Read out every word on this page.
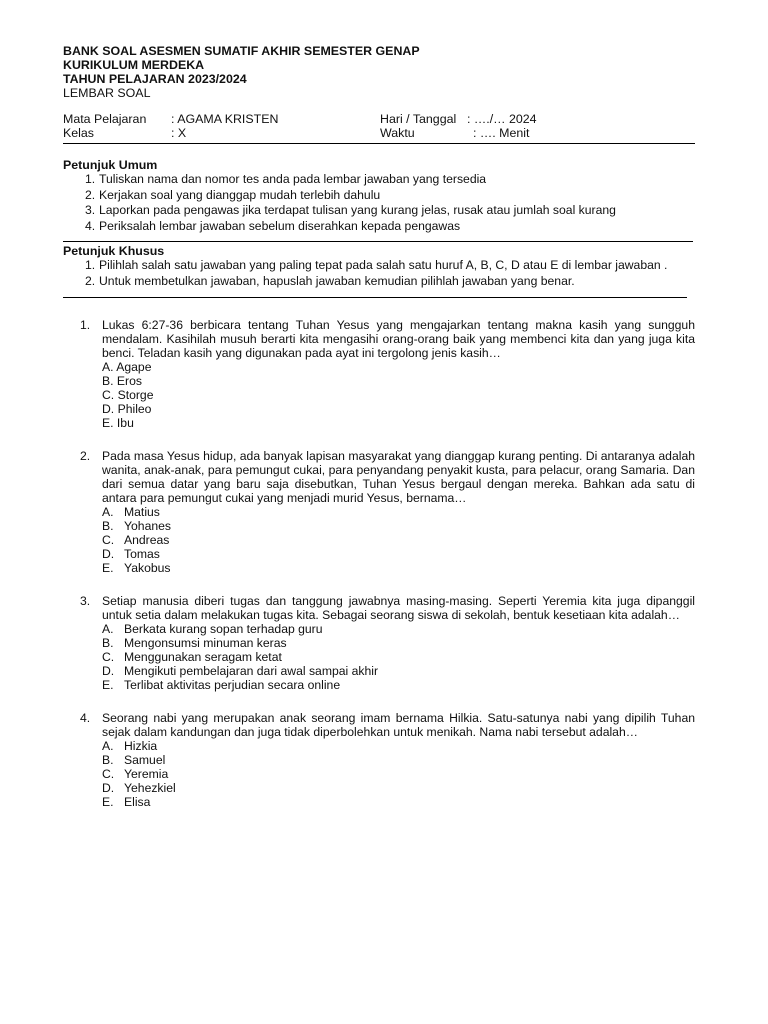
BANK SOAL ASESMEN SUMATIF AKHIR SEMESTER GENAP
KURIKULUM MERDEKA
TAHUN PELAJARAN 2023/2024
LEMBAR SOAL
Mata Pelajaran : AGAMA KRISTEN	Hari / Tanggal : …./… 2024
Kelas	: X	Waktu	: …. Menit
Petunjuk Umum
1. Tuliskan nama dan nomor tes anda pada lembar jawaban yang tersedia
2. Kerjakan soal yang dianggap mudah terlebih dahulu
3. Laporkan pada pengawas jika terdapat tulisan yang kurang jelas, rusak atau jumlah soal kurang
4. Periksalah lembar jawaban sebelum diserahkan kepada pengawas
Petunjuk Khusus
1. Pilihlah salah satu jawaban yang paling tepat pada salah satu huruf A, B, C, D atau E di lembar jawaban .
2. Untuk membetulkan jawaban, hapuslah jawaban kemudian pilihlah jawaban yang benar.
1. Lukas 6:27-36 berbicara tentang Tuhan Yesus yang mengajarkan tentang makna kasih yang sungguh mendalam. Kasihilah musuh berarti kita mengasihi orang-orang baik yang membenci kita dan yang juga kita benci. Teladan kasih yang digunakan pada ayat ini tergolong jenis kasih…
A. Agape
B. Eros
C. Storge
D. Phileo
E. Ibu
2. Pada masa Yesus hidup, ada banyak lapisan masyarakat yang dianggap kurang penting. Di antaranya adalah wanita, anak-anak, para pemungut cukai, para penyandang penyakit kusta, para pelacur, orang Samaria. Dan dari semua datar yang baru saja disebutkan, Tuhan Yesus bergaul dengan mereka. Bahkan ada satu di antara para pemungut cukai yang menjadi murid Yesus, bernama…
A. Matius
B. Yohanes
C. Andreas
D. Tomas
E. Yakobus
3. Setiap manusia diberi tugas dan tanggung jawabnya masing-masing. Seperti Yeremia kita juga dipanggil untuk setia dalam melakukan tugas kita. Sebagai seorang siswa di sekolah, bentuk kesetiaan kita adalah…
A. Berkata kurang sopan terhadap guru
B. Mengonsumsi minuman keras
C. Menggunakan seragam ketat
D. Mengikuti pembelajaran dari awal sampai akhir
E. Terlibat aktivitas perjudian secara online
4. Seorang nabi yang merupakan anak seorang imam bernama Hilkia. Satu-satunya nabi yang dipilih Tuhan sejak dalam kandungan dan juga tidak diperbolehkan untuk menikah. Nama nabi tersebut adalah…
A. Hizkia
B. Samuel
C. Yeremia
D. Yehezkiel
E. Elisa
